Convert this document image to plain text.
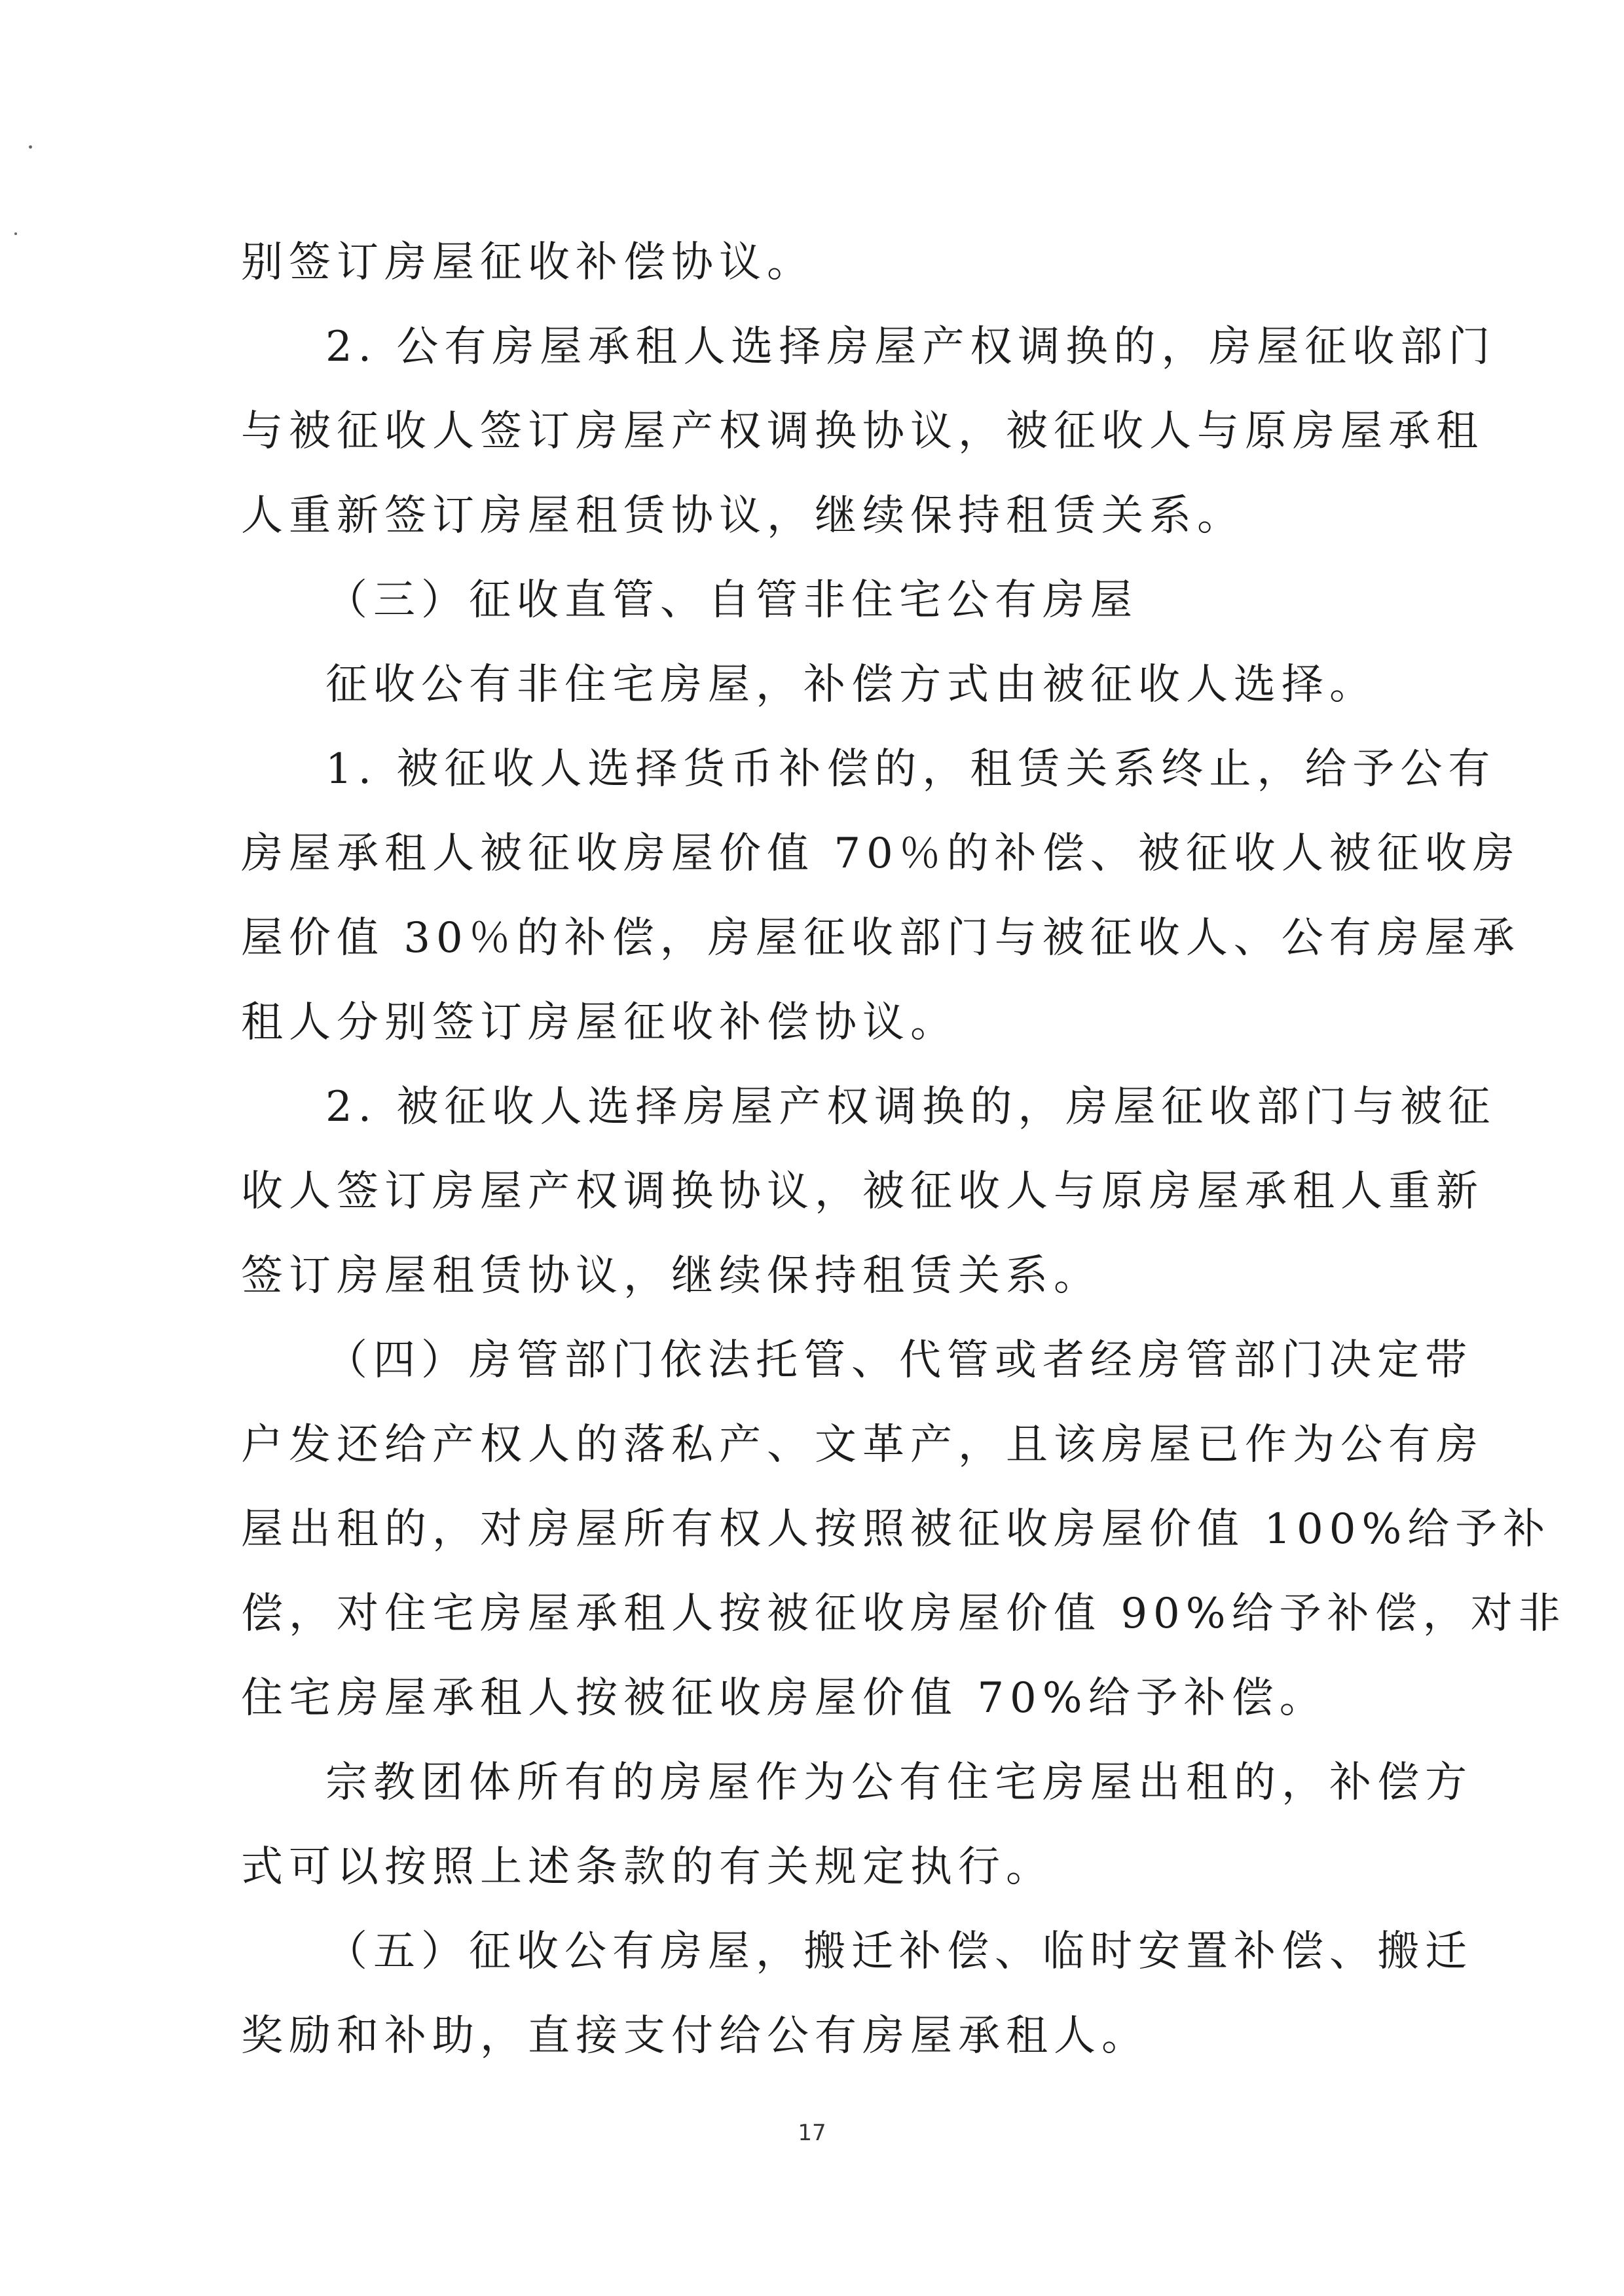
别签订房屋征收补偿协议。
2. 公有房屋承租人选择房屋产权调换的，房屋征收部门
与被征收人签订房屋产权调换协议，被征收人与原房屋承租
人重新签订房屋租赁协议，继续保持租赁关系。
（三）征收直管、自管非住宅公有房屋
征收公有非住宅房屋，补偿方式由被征收人选择。
1. 被征收人选择货币补偿的，租赁关系终止，给予公有
房屋承租人被征收房屋价值 70％的补偿、被征收人被征收房
屋价值 30％的补偿，房屋征收部门与被征收人、公有房屋承
租人分别签订房屋征收补偿协议。
2. 被征收人选择房屋产权调换的，房屋征收部门与被征
收人签订房屋产权调换协议，被征收人与原房屋承租人重新
签订房屋租赁协议，继续保持租赁关系。
（四）房管部门依法托管、代管或者经房管部门决定带
户发还给产权人的落私产、文革产，且该房屋已作为公有房
屋出租的，对房屋所有权人按照被征收房屋价值 100%给予补
偿，对住宅房屋承租人按被征收房屋价值 90%给予补偿，对非
住宅房屋承租人按被征收房屋价值 70%给予补偿。
宗教团体所有的房屋作为公有住宅房屋出租的，补偿方
式可以按照上述条款的有关规定执行。
（五）征收公有房屋，搬迁补偿、临时安置补偿、搬迁
奖励和补助，直接支付给公有房屋承租人。
17
